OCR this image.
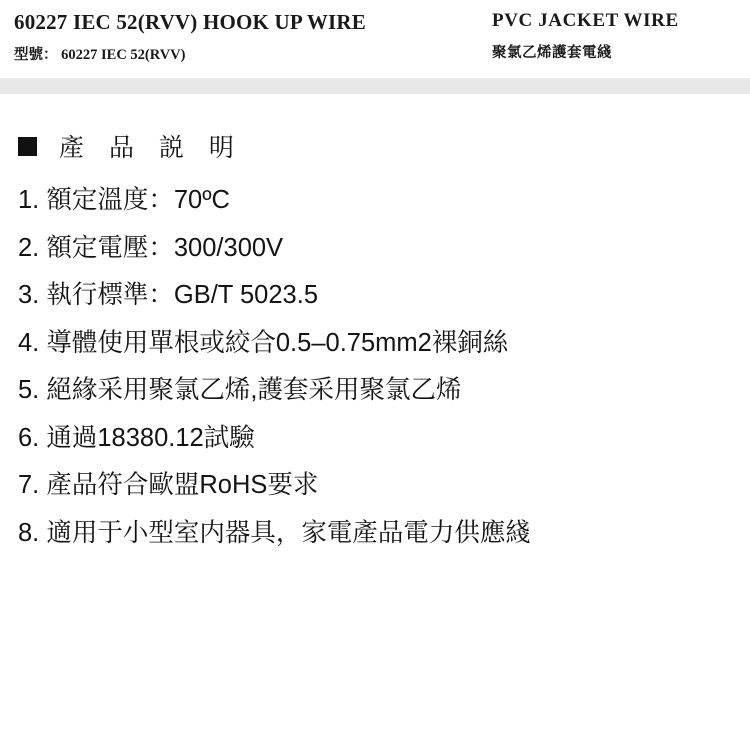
60227 IEC 52(RVV) HOOK UP WIRE
型號： 60227 IEC 52(RVV)
PVC JACKET WIRE
聚氯乙烯護套電綫
產 品 説 明
1. 額定溫度：70ºC
2. 額定電壓：300/300V
3. 執行標準：GB/T 5023.5
4. 導體使用單根或絞合0.5–0.75mm2裸銅絲
5. 絕緣采用聚氯乙烯,護套采用聚氯乙烯
6. 通過18380.12試驗
7. 產品符合歐盟RoHS要求
8. 適用于小型室内器具，家電產品電力供應綫
